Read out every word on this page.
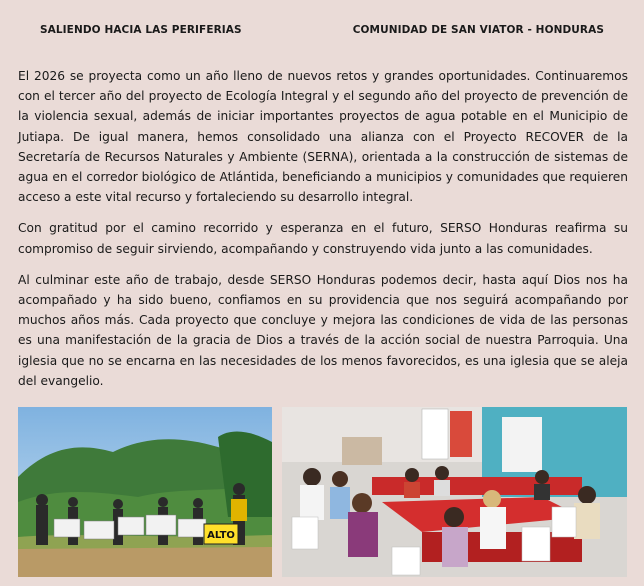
SALIENDO HACIA LAS PERIFERIAS	COMUNIDAD DE SAN VIATOR - HONDURAS

El 2026 se proyecta como un año lleno de nuevos retos y grandes oportunidades. Continuaremos con el tercer año del proyecto de Ecología Integral y el segundo año del proyecto de prevención de la violencia sexual, además de iniciar importantes proyectos de agua potable en el Municipio de Jutiapa. De igual manera, hemos consolidado una alianza con el Proyecto RECOVER de la Secretaría de Recursos Naturales y Ambiente (SERNA), orientada a la construcción de sistemas de agua en el corredor biológico de Atlántida, beneficiando a municipios y comunidades que requieren acceso a este vital recurso y fortaleciendo su desarrollo integral.

Con gratitud por el camino recorrido y esperanza en el futuro, SERSO Honduras reafirma su compromiso de seguir sirviendo, acompañando y construyendo vida junto a las comunidades.

Al culminar este año de trabajo, desde SERSO Honduras podemos decir, hasta aquí Dios nos ha acompañado y ha sido bueno, confiamos en su providencia que nos seguirá acompañando por muchos años más. Cada proyecto que concluye y mejora las condiciones de vida de las personas es una manifestación de la gracia de Dios a través de la acción social de nuestra Parroquia. Una iglesia que no se encarna en las necesidades de los menos favorecidos, es una iglesia que se aleja del evangelio.

ALTO
